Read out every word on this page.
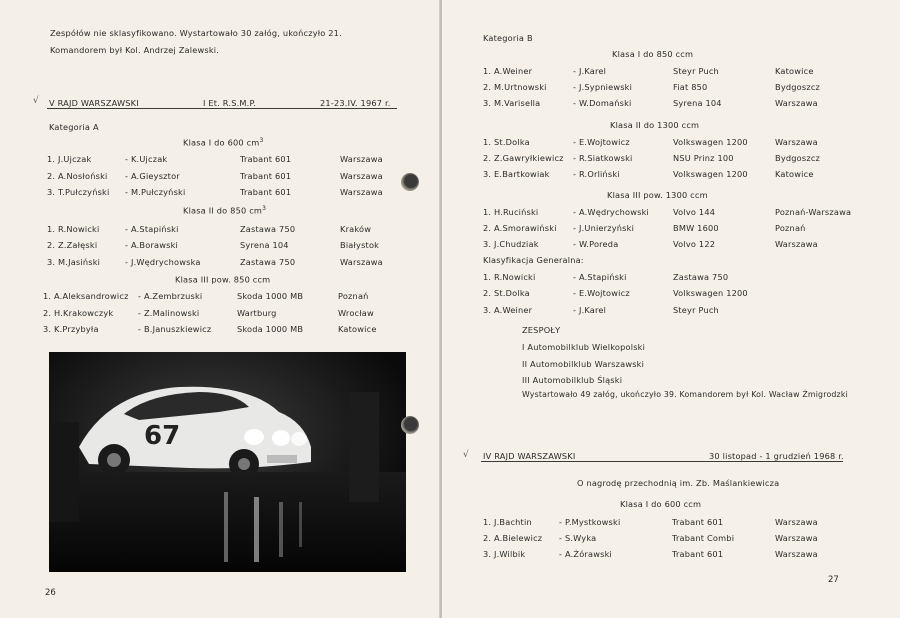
Zespółów nie sklasyfikowano. Wystartowało 30 załóg, ukończyło 21.
Komandorem był Kol. Andrzej Zalewski.
√ V RAJD WARSZAWSKI	I Et. R.S.M.P.	21-23.IV. 1967 r.
Kategoria A
Klasa I do 600 $cm^3$
1. J.Ujczak	- K.Ujczak	Trabant 601	Warszawa
2. A.Nosłoński - A.Gieysztor	Trabant 601	Warszawa
3. T.Pułczyński - M.Pułczyński	Trabant 601	Warszawa
Klasa II do 850 $cm^3$
1. R.Nowicki	- A.Stapiński	Zastawa 750	Kraków
2. Z.Załęski	- A.Borawski	Syrena 104	Białystok
3. M.Jasiński	- J.Wędrychowska	Zastawa 750	Warszawa
Klasa III pow. 850 ccm
1. A.Aleksandrowicz - A.Zembrzuski	Skoda 1000 MB	Poznań
2. H.Krakowczyk	- Z.Malinowski	Wartburg	Wrocław
3. K.Przybyła	- B.Januszkiewicz	Skoda 1000 MB	Katowice
67
26
Kategoria B
Klasa I do 850 ccm
1. A.Weiner	- J.Karel	Steyr Puch	Katowice
2. M.Urtnowski	- J.Sypniewski	Fiat 850	Bydgoszcz
3. M.Varisella	- W.Domański	Syrena 104	Warszawa
Klasa II do 1300 ccm
1. St.Dolka	- E.Wojtowicz	Volkswagen 1200	Warszawa
2. Z.Gawryłkiewicz - R.Siatkowski	NSU Prinz 100	Bydgoszcz
3. E.Bartkowiak	- R.Orliński	Volkswagen 1200	Katowice
Klasa III pow. 1300 ccm
1. H.Ruciński	- A.Wędrychowski	Volvo 144	Poznań-Warszawa
2. A.Smorawiński - J.Unierzyński	BMW 1600	Poznań
3. J.Chudziak	- W.Poreda	Volvo 122	Warszawa
Klasyfikacja Generalna:
1. R.Nowicki	- A.Stapiński	Zastawa 750
2. St.Dolka	- E.Wojtowicz	Volkswagen 1200
3. A.Weiner	- J.Karel	Steyr Puch
ZESPOŁY
I Automobilklub Wielkopolski
II Automobilklub Warszawski
III Automobilklub Śląski
Wystartowało 49 załóg, ukończyło 39. Komandorem był Kol. Wacław Żmigrodzki
√ IV RAJD WARSZAWSKI	30 listopad - 1 grudzień 1968 r.
O nagrodę przechodnią im. Zb. Maślankiewicza
Klasa I do 600 ccm
1. J.Bachtin	- P.Mystkowski	Trabant 601	Warszawa
2. A.Bielewicz - S.Wyka	Trabant Combi	Warszawa
3. J.Wilbik	- A.Żórawski	Trabant 601	Warszawa
27
